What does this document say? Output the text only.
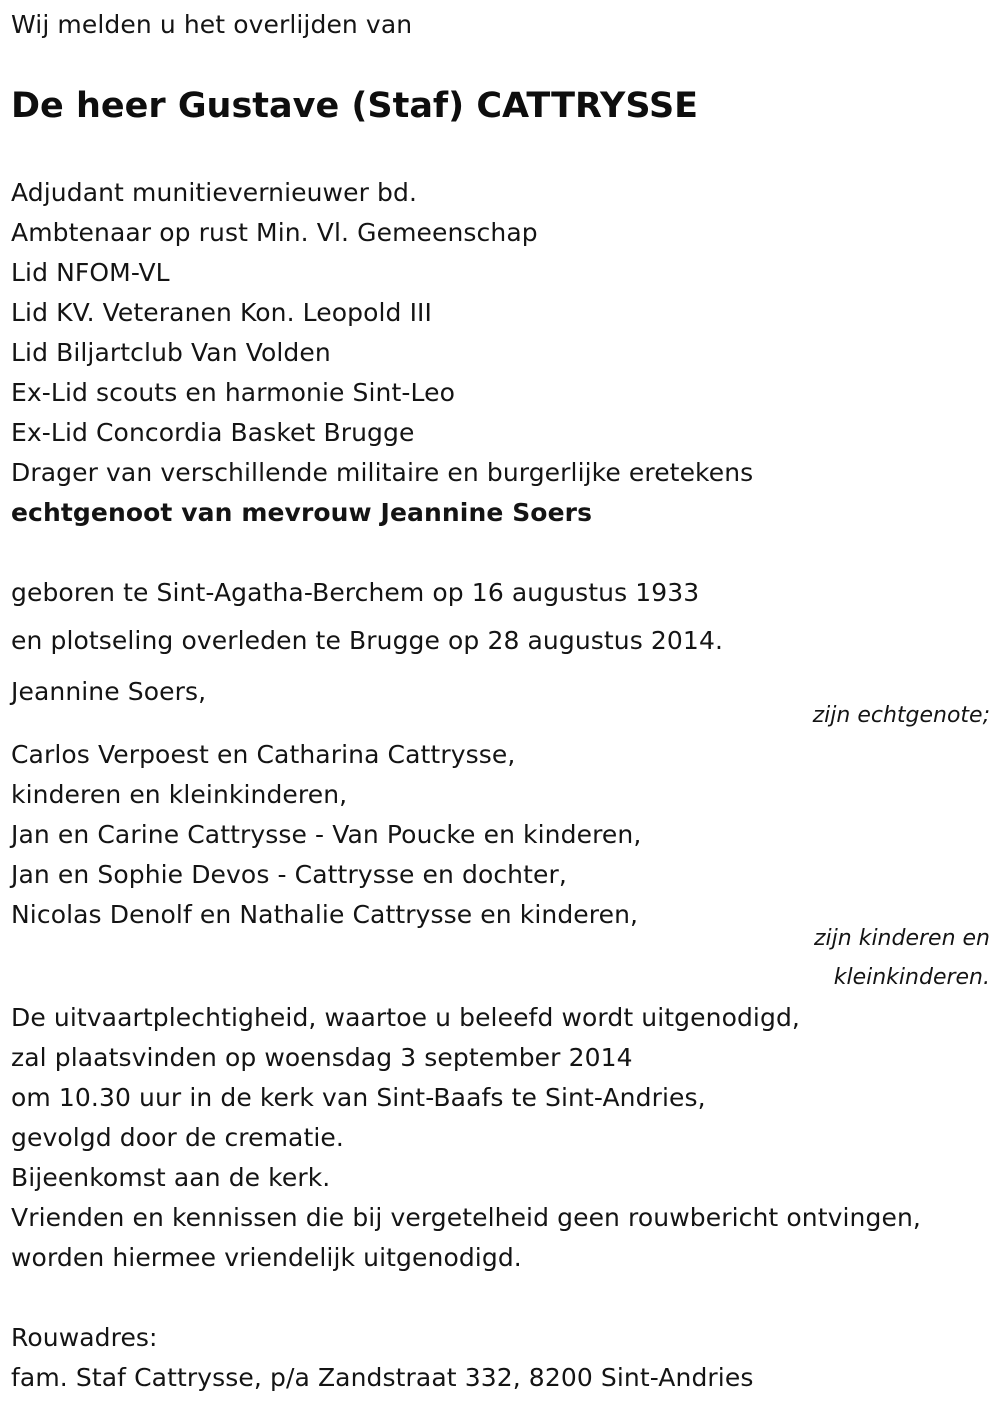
Wij melden u het overlijden van
De heer Gustave (Staf) CATTRYSSE
Adjudant munitievernieuwer bd.
Ambtenaar op rust Min. Vl. Gemeenschap
Lid NFOM-VL
Lid KV. Veteranen Kon. Leopold III
Lid Biljartclub Van Volden
Ex-Lid scouts en harmonie Sint-Leo
Ex-Lid Concordia Basket Brugge
Drager van verschillende militaire en burgerlijke eretekens
echtgenoot van mevrouw Jeannine Soers
geboren te Sint-Agatha-Berchem op 16 augustus 1933
en plotseling overleden te Brugge op 28 augustus 2014.
Jeannine Soers,
zijn echtgenote;
Carlos Verpoest en Catharina Cattrysse,
kinderen en kleinkinderen,
Jan en Carine Cattrysse - Van Poucke en kinderen,
Jan en Sophie Devos - Cattrysse en dochter,
Nicolas Denolf en Nathalie Cattrysse en kinderen,
zijn kinderen en
kleinkinderen.
De uitvaartplechtigheid, waartoe u beleefd wordt uitgenodigd,
zal plaatsvinden op woensdag 3 september 2014
om 10.30 uur in de kerk van Sint-Baafs te Sint-Andries,
gevolgd door de crematie.
Bijeenkomst aan de kerk.
Vrienden en kennissen die bij vergetelheid geen rouwbericht ontvingen,
worden hiermee vriendelijk uitgenodigd.
Rouwadres:
fam. Staf Cattrysse, p/a Zandstraat 332, 8200 Sint-Andries
